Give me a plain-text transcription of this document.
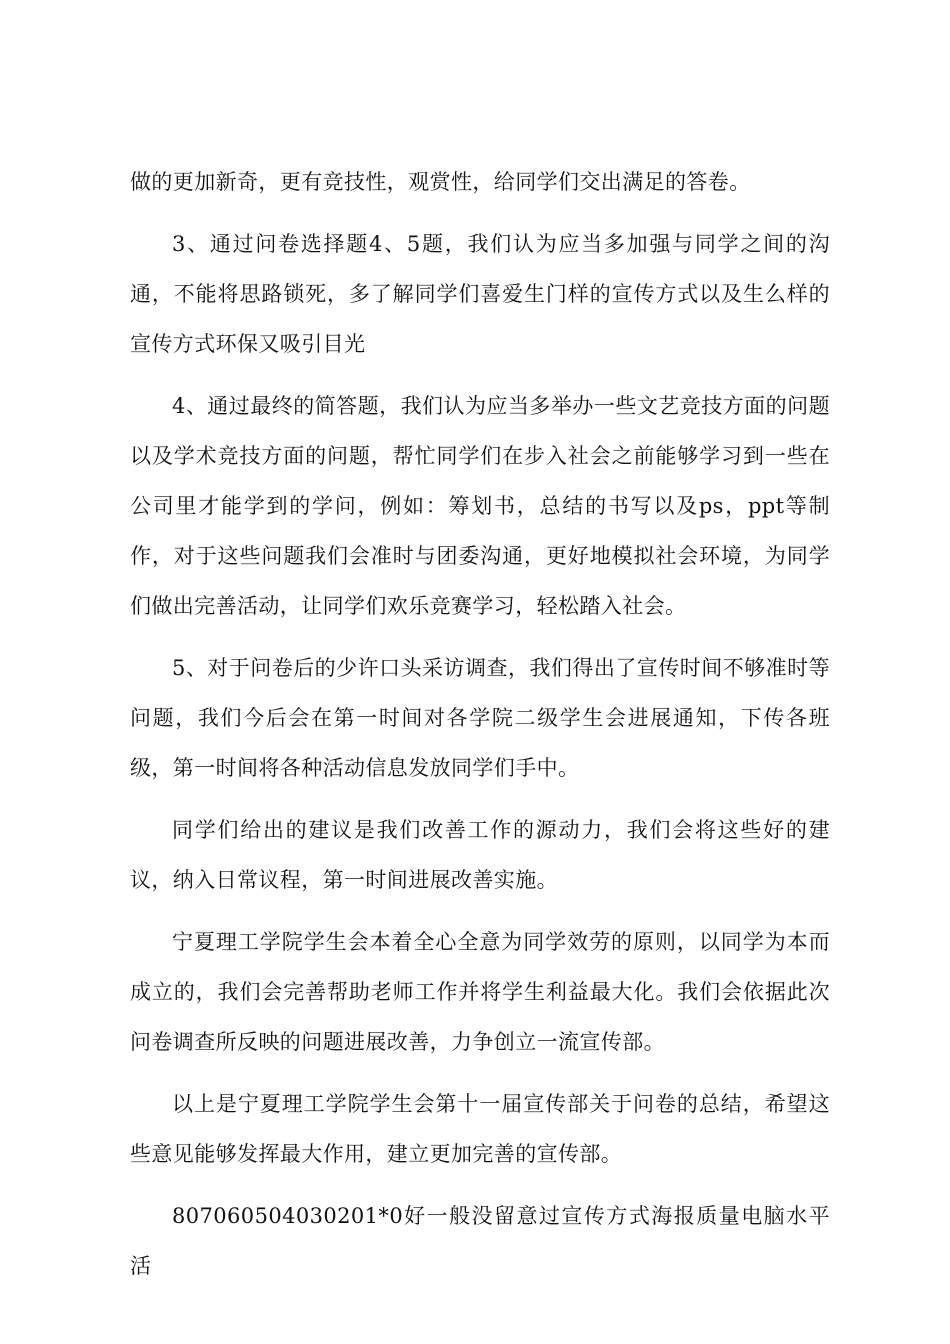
做的更加新奇，更有竞技性，观赏性，给同学们交出满足的答卷。

3、通过问卷选择题4、5题，我们认为应当多加强与同学之间的沟通，不能将思路锁死，多了解同学们喜爱生门样的宣传方式以及生么样的宣传方式环保又吸引目光

4、通过最终的简答题，我们认为应当多举办一些文艺竞技方面的问题以及学术竞技方面的问题，帮忙同学们在步入社会之前能够学习到一些在公司里才能学到的学问，例如：筹划书，总结的书写以及ps，ppt等制作，对于这些问题我们会准时与团委沟通，更好地模拟社会环境，为同学们做出完善活动，让同学们欢乐竞赛学习，轻松踏入社会。

5、对于问卷后的少许口头采访调查，我们得出了宣传时间不够准时等问题，我们今后会在第一时间对各学院二级学生会进展通知，下传各班级，第一时间将各种活动信息发放同学们手中。

同学们给出的建议是我们改善工作的源动力，我们会将这些好的建议，纳入日常议程，第一时间进展改善实施。

宁夏理工学院学生会本着全心全意为同学效劳的原则，以同学为本而成立的，我们会完善帮助老师工作并将学生利益最大化。我们会依据此次问卷调查所反映的问题进展改善，力争创立一流宣传部。

以上是宁夏理工学院学生会第十一届宣传部关于问卷的总结，希望这些意见能够发挥最大作用，建立更加完善的宣传部。

807060504030201*0好一般没留意过宣传方式海报质量电脑水平活
